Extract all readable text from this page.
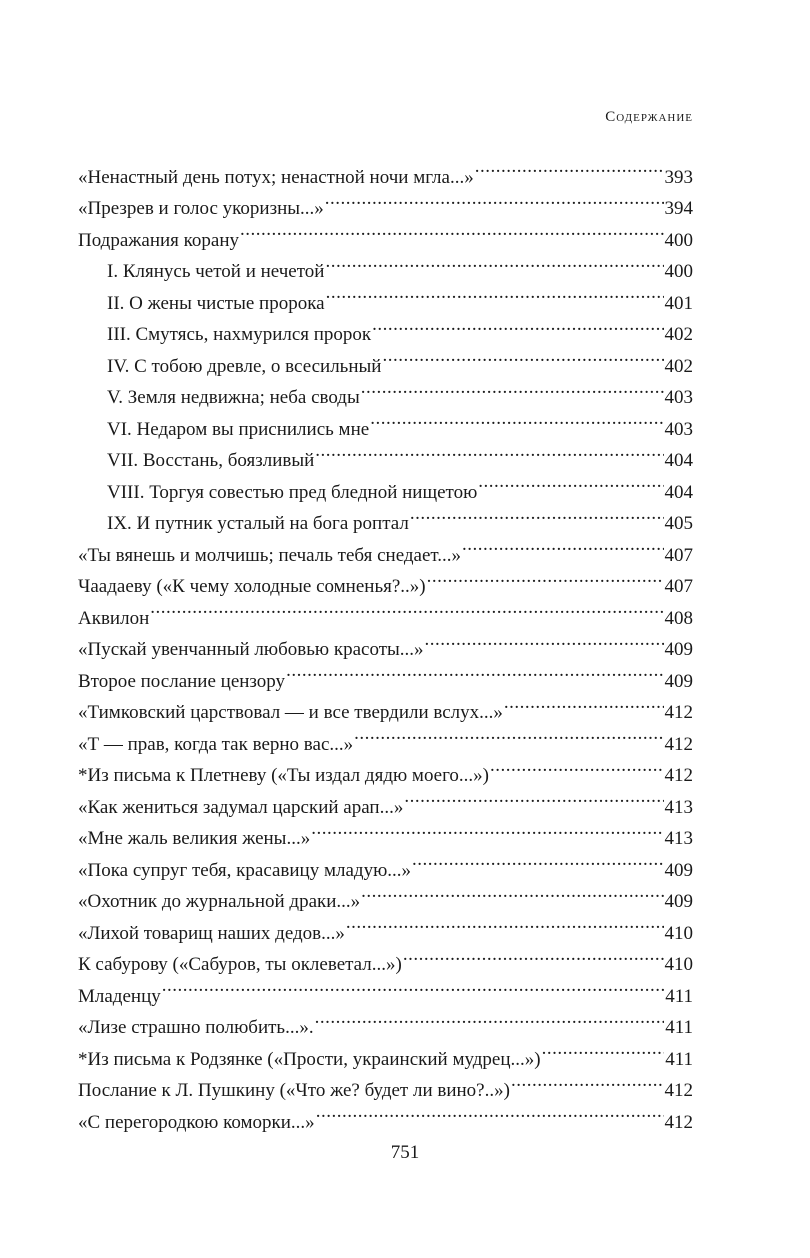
Содержание
«Ненастный день потух; ненастной ночи мгла...» .....	393
«Презрев и голос укоризны...» .....	394
Подражания корану .....	400
I. Клянусь четой и нечетой .....	400
II. О жены чистые пророка .....	401
III. Смутясь, нахмурился пророк .....	402
IV. С тобою древле, о всесильный .....	402
V. Земля недвижна; неба своды .....	403
VI. Недаром вы приснились мне .....	403
VII. Восстань, боязливый .....	404
VIII. Торгуя совестью пред бледной нищетою .....	404
IX. И путник усталый на бога роптал .....	405
«Ты вянешь и молчишь; печаль тебя снедает...» .....	407
Чаадаеву («К чему холодные сомненья?..») .....	407
Аквилон .....	408
«Пускай увенчанный любовью красоты...» .....	409
Второе послание цензору .....	409
«Тимковский царствовал — и все твердили вслух...» .....	412
«Т — прав, когда так верно вас...» .....	412
*Из письма к Плетневу («Ты издал дядю моего...») .....	412
«Как жениться задумал царский арап...» .....	413
«Мне жаль великия жены...» .....	413
«Пока супруг тебя, красавицу младую...» .....	409
«Охотник до журнальной драки...» .....	409
«Лихой товарищ наших дедов...» .....	410
К сабурову («Сабуров, ты оклеветал...») .....	410
Младенцу .....	411
«Лизе страшно полюбить...». .....	411
*Из письма к Родзянке («Прости, украинский мудрец...») .....	411
Послание к Л. Пушкину («Что же? будет ли вино?..») .....	412
«С перегородкою коморки...» .....	412
751
